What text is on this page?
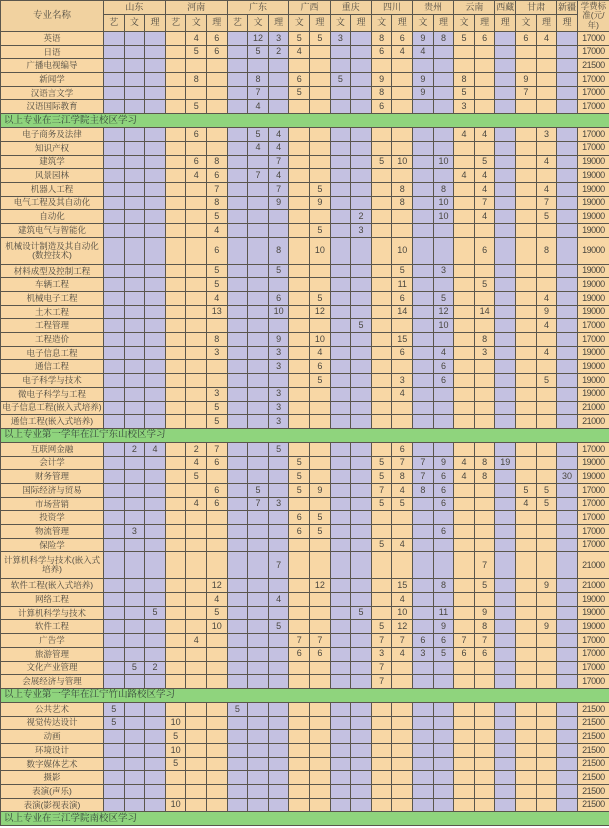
专业名称	山东			河南			广东			广西		重庆		四川		贵州		云南		西藏	甘肃		新疆	学费标准(元/年)
	艺	文	理	艺	文	理	艺	文	理	文	理	文	理	文	理	文	理	文	理	理	文	理	理	
英语					4	6		12	3	5	5	3		8	6	9	8	5	6		6	4		17000
日语					5	6		5	2	4				6	4	4								17000
广播电视编导																								21500
新闻学					8			8		6		5		9		9		8			9			17000
汉语言文学								7		5				8		9		5			7			17000
汉语国际教育					5			4						6				3						17000
以上专业在三江学院主校区学习																								
电子商务及法律					6			5	4									4	4			3		17000
知识产权								4	4															17000
建筑学					6	8			7					5	10		10		5			4		19000
风景园林					4	6		7	4									4	4					19000
机器人工程						7			7		5				8		8		4			4		19000
电气工程及其自动化						8			9		9				8		10		7			7		19000
自动化						5							2				10		4			5		19000
建筑电气与智能化						4					5		3											19000
机械设计制造及其自动化(数控技术)						6			8		10				10				6			8		19000
材料成型及控制工程						5			5						5		3							19000
车辆工程						5									11				5					19000
机械电子工程						4			6		5				6		5					4		19000
土木工程						13			10		12				14		12		14			9		19000
工程管理													5				10					4		17000
工程造价						8			9		10				15				8					17000
电子信息工程						3			3		4				6		4		3			4		19000
通信工程									3		6						6							19000
电子科学与技术											5				3		6					5		19000
微电子科学与工程						3			3						4									19000
电子信息工程(嵌入式培养)						5			3															21000
通信工程(嵌入式培养)						5			3															21000
以上专业第一学年在江宁东山校区学习																								
互联网金融		2	4		2	7			5						6									17000
会计学					4	6				5				5	7	7	9	4	8	19				19000
财务管理					5					5				5	8	7	6	4	8				30	19000
国际经济与贸易						6		5		5	9			7	4	8	6				5	5		17000
市场营销					4	6		7	3					5	5		6				4	5		17000
投资学										6	5													17000
物流管理		3								6	5						6							17000
保险学														5	4									17000
计算机科学与技术(嵌入式培养)									7										7					21000
软件工程(嵌入式培养)						12					12				15		8		5			9		21000
网络工程						4			4						4									19000
计算机科学与技术			5			5							5		10		11		9					19000
软件工程						10			5					5	12		9		8			9		19000
广告学					4					7	7			7	7	6	6	7	7					17000
旅游管理										6	6			3	4	3	5	6	6					17000
文化产业管理		5	2											7										17000
会展经济与管理														7										17000
以上专业第一学年在江宁竹山路校区学习																								
公共艺术	5						5																	21500
视觉传达设计	5			10																				21500
动画				5																				21500
环境设计				10																				21500
数字媒体艺术				5																				21500
摄影																								21500
表演(声乐)																								21500
表演(影视表演)				10																				21500
以上专业在三江学院南校区学习																								
